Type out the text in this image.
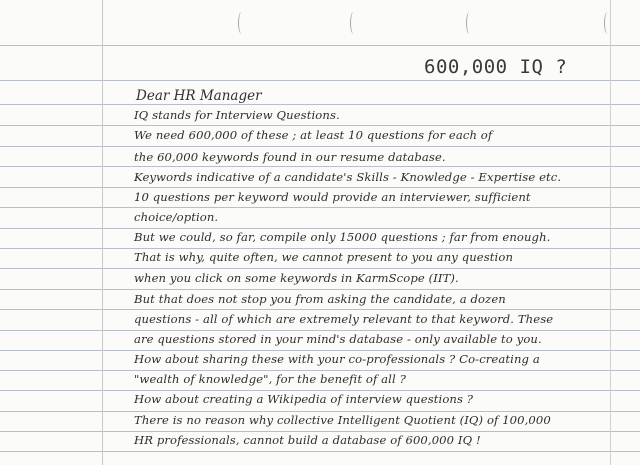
600,000 IQ ?
Dear HR Manager
IQ stands for Interview Questions.
We need 600,000 of these ; at least 10 questions for each of
the 60,000 keywords found in our resume database.
Keywords indicative of a candidate's Skills - Knowledge - Expertise etc.
10 questions per keyword would provide an interviewer, sufficient
choice/option.
But we could, so far, compile only 15000 questions ; far from enough.
That is why, quite often, we cannot present to you any question
when you click on some keywords in KarmScope (IIT).
But that does not stop you from asking the candidate, a dozen
questions - all of which are extremely relevant to that keyword. These
are questions stored in your mind's database - only available to you.
How about sharing these with your co-professionals ? Co-creating a
"wealth of knowledge", for the benefit of all ?
How about creating a Wikipedia of interview questions ?
There is no reason why collective Intelligent Quotient (IQ) of 100,000
HR professionals, cannot build a database of 600,000 IQ !
